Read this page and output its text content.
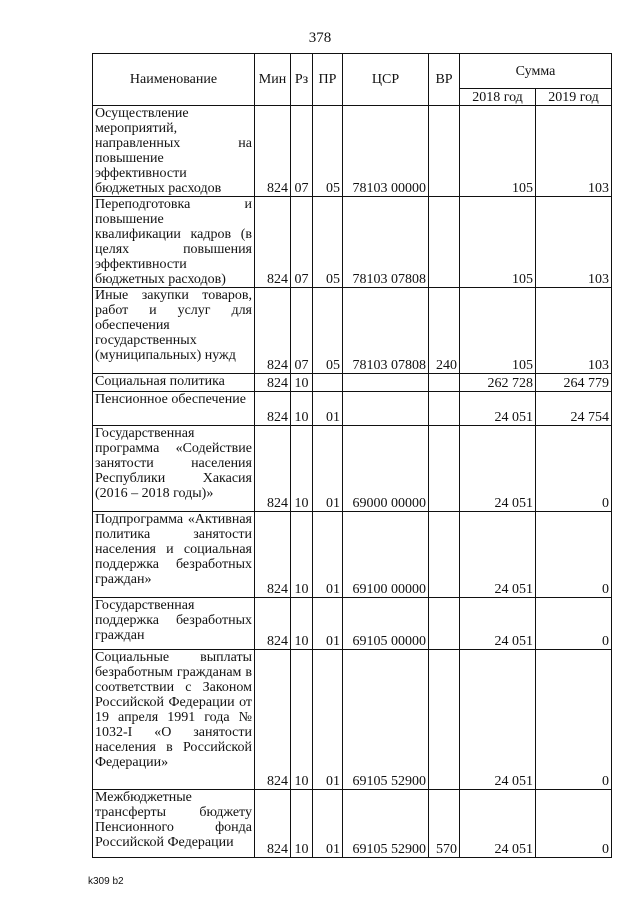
378
Наименование	Мин	Рз	ПР	ЦСР	ВР	Сумма	
						2018 год	2019 год
Осуществление мероприятий, направленных на повышение эффективности бюджетных расходов	824	07	05	78103 00000		105	103
Переподготовка и повышение квалификации кадров (в целях повышения эффективности бюджетных расходов)	824	07	05	78103 07808		105	103
Иные закупки товаров, работ и услуг для обеспечения государственных (муниципальных) нужд	824	07	05	78103 07808	240	105	103
Социальная политика	824	10				262 728	264 779
Пенсионное обеспечение	824	10	01			24 051	24 754
Государственная программа «Содействие занятости населения Республики Хакасия (2016 – 2018 годы)»	824	10	01	69000 00000		24 051	0
Подпрограмма «Активная политика занятости населения и социальная поддержка безработных граждан»	824	10	01	69100 00000		24 051	0
Государственная поддержка безработных граждан	824	10	01	69105 00000		24 051	0
Социальные выплаты безработным гражданам в соответствии с Законом Российской Федерации от 19 апреля 1991 года № 1032-I «О занятости населения в Российской Федерации»	824	10	01	69105 52900		24 051	0
Межбюджетные трансферты бюджету Пенсионного фонда Российской Федерации	824	10	01	69105 52900	570	24 051	0
k309 b2
